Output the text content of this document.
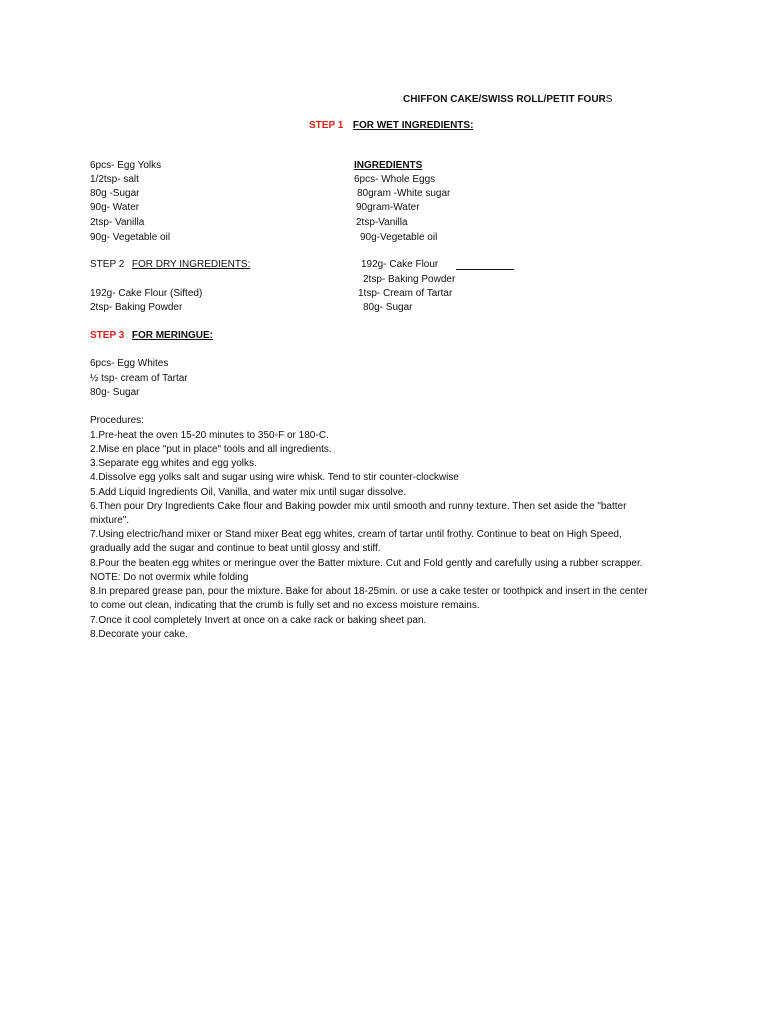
CHIFFON CAKE/SWISS ROLL/PETIT FOURS
STEP 1 FOR WET INGREDIENTS:
6pcs- Egg Yolks
1/2tsp- salt
80g -Sugar
90g- Water
2tsp- Vanilla
90g- Vegetable oil
INGREDIENTS
6pcs- Whole Eggs
80gram -White sugar
90gram-Water
2tsp-Vanilla
90g-Vegetable oil
192g- Cake Flour
2tsp- Baking Powder
1tsp- Cream of Tartar
80g- Sugar
STEP 2 FOR DRY INGREDIENTS:
192g- Cake Flour (Sifted)
2tsp- Baking Powder
STEP 3 FOR MERINGUE:
6pcs- Egg Whites
½ tsp- cream of Tartar
80g- Sugar
Procedures:
1.Pre-heat the oven 15-20 minutes to 350◦F or 180◦C.
2.Mise en place "put in place" tools and all ingredients.
3.Separate egg whites and egg yolks.
4.Dissolve egg yolks salt and sugar using wire whisk. Tend to stir counter-clockwise
5.Add Liquid Ingredients Oil, Vanilla, and water mix until sugar dissolve.
6.Then pour Dry Ingredients Cake flour and Baking powder mix until smooth and runny texture. Then set aside the "batter
mixture".
7.Using electric/hand mixer or Stand mixer Beat egg whites, cream of tartar until frothy. Continue to beat on High Speed,
gradually add the sugar and continue to beat until glossy and stiff.
8.Pour the beaten egg whites or meringue over the Batter mixture. Cut and Fold gently and carefully using a rubber scrapper.
NOTE: Do not overmix while folding
8.In prepared grease pan, pour the mixture. Bake for about 18-25min. or use a cake tester or toothpick and insert in the center
to come out clean, indicating that the crumb is fully set and no excess moisture remains.
7.Once it cool completely Invert at once on a cake rack or baking sheet pan.
8.Decorate your cake.
